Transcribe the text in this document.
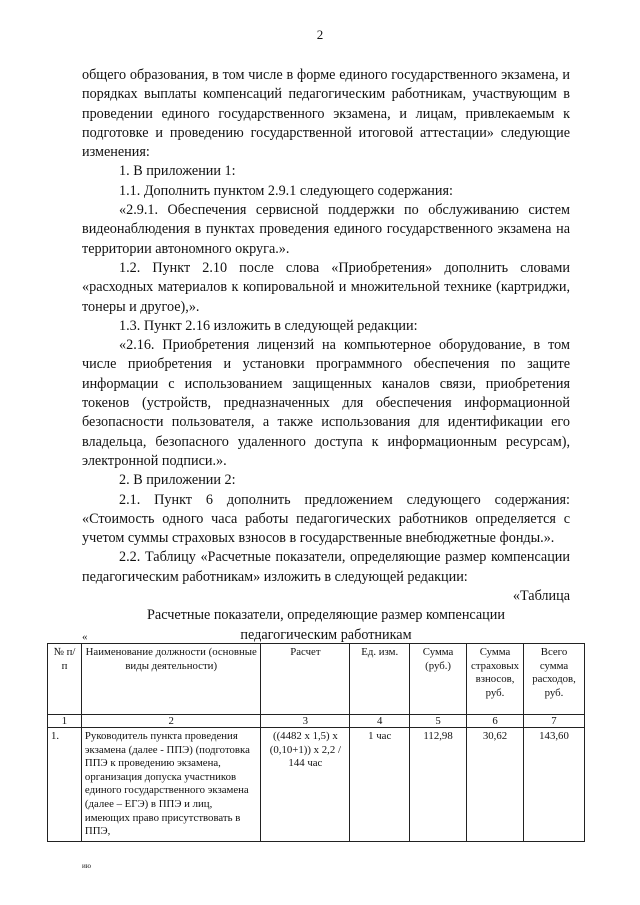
2

общего образования, в том числе в форме единого государственного экзамена, и порядках выплаты компенсаций педагогическим работникам, участвующим в проведении единого государственного экзамена, и лицам, привлекаемым к подготовке и проведению государственной итоговой аттестации» следующие изменения:

1. В приложении 1:

1.1. Дополнить пунктом 2.9.1 следующего содержания:

«2.9.1. Обеспечения сервисной поддержки по обслуживанию систем видеонаблюдения в пунктах проведения единого государственного экзамена на территории автономного округа.».

1.2. Пункт 2.10 после слова «Приобретения» дополнить словами «расходных материалов к копировальной и множительной технике (картриджи, тонеры и другое),».

1.3. Пункт 2.16 изложить в следующей редакции:

«2.16. Приобретения лицензий на компьютерное оборудование, в том числе приобретения и установки программного обеспечения по защите информации с использованием защищенных каналов связи, приобретения токенов (устройств, предназначенных для обеспечения информационной безопасности пользователя, а также использования для идентификации его владельца, безопасного удаленного доступа к информационным ресурсам), электронной подписи.».

2. В приложении 2:

2.1. Пункт 6 дополнить предложением следующего содержания: «Стоимость одного часа работы педагогических работников определяется с учетом суммы страховых взносов в государственные внебюджетные фонды.».

2.2. Таблицу «Расчетные показатели, определяющие размер компенсации педагогическим работникам» изложить в следующей редакции:

«Таблица

Расчетные показатели, определяющие размер компенсации

педагогическим работникам

«
№ п/п	Наименование должности (основные виды деятельности)	Расчет	Ед. изм.	Сумма (руб.)	Сумма страховых взносов, руб.	Всего сумма расходов, руб.
1	2	3	4	5	6	7
1.	Руководитель пункта проведения экзамена (далее - ППЭ) (подготовка ППЭ к проведению экзамена, организация допуска участников единого государственного экзамена (далее – ЕГЭ) в ППЭ и лиц, имеющих право присутствовать в ППЭ,	((4482 х 1,5) х (0,10+1)) х 2,2 / 144 час	1 час	112,98	30,62	143,60
ию
